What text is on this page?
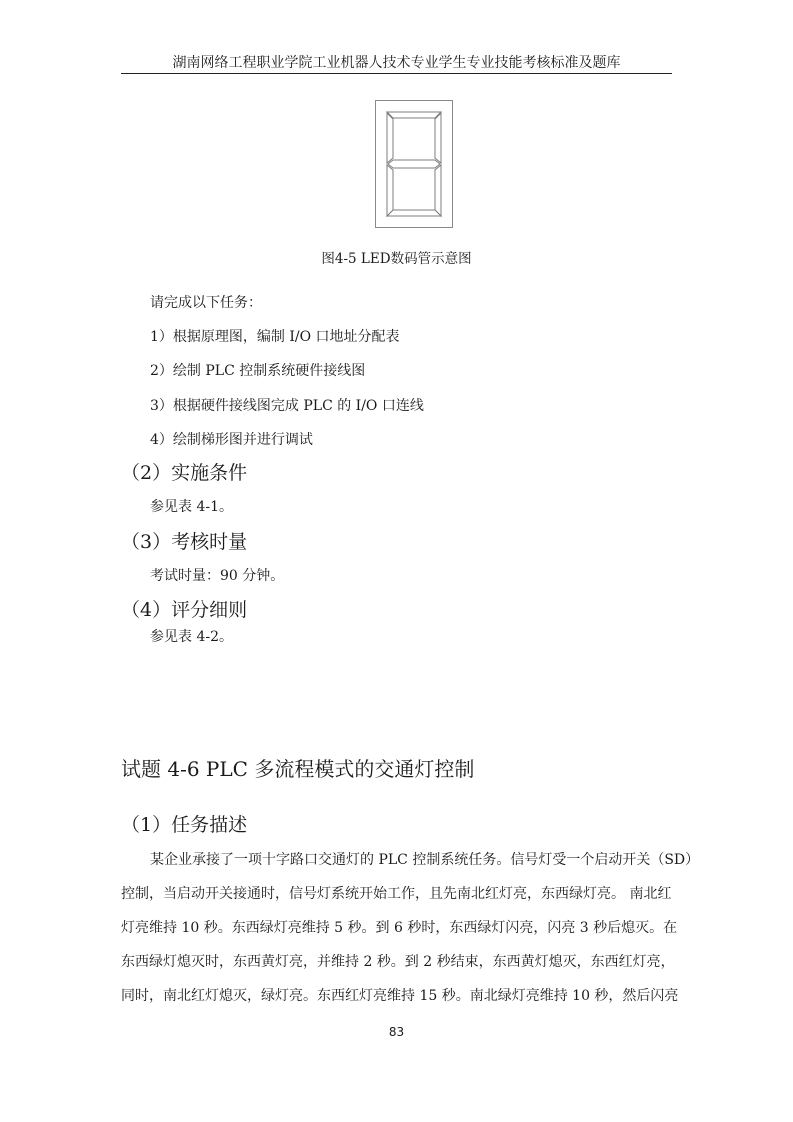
湖南网络工程职业学院工业机器人技术专业学生专业技能考核标准及题库
图4-5 LED数码管示意图
请完成以下任务：
1）根据原理图，编制 I/O 口地址分配表
2）绘制 PLC 控制系统硬件接线图
3）根据硬件接线图完成 PLC 的 I/O 口连线
4）绘制梯形图并进行调试
（2）实施条件
参见表 4-1。
（3）考核时量
考试时量：90 分钟。
（4）评分细则
参见表 4-2。
试题 4-6 PLC 多流程模式的交通灯控制
（1）任务描述
某企业承接了一项十字路口交通灯的 PLC 控制系统任务。信号灯受一个启动开关（SD）
控制，当启动开关接通时，信号灯系统开始工作，且先南北红灯亮，东西绿灯亮。 南北红
灯亮维持 10 秒。东西绿灯亮维持 5 秒。到 6 秒时，东西绿灯闪亮，闪亮 3 秒后熄灭。在
东西绿灯熄灭时，东西黄灯亮，并维持 2 秒。到 2 秒结束，东西黄灯熄灭，东西红灯亮，
同时，南北红灯熄灭，绿灯亮。东西红灯亮维持 15 秒。南北绿灯亮维持 10 秒，然后闪亮
83
